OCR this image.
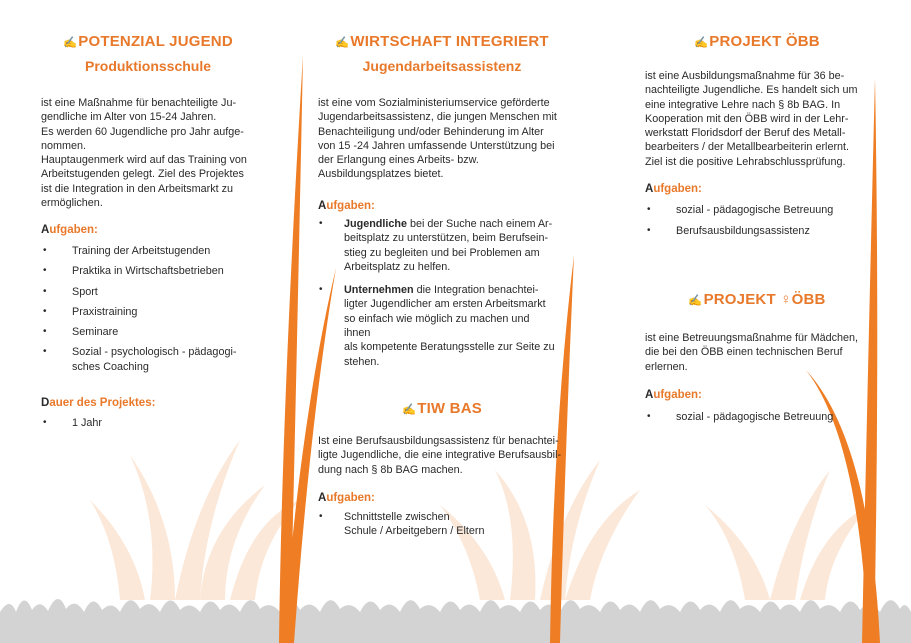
✍POTENZIAL JUGEND
Produktionsschule
ist eine Maßnahme für benachteiligte Ju-
gendliche im Alter von 15-24 Jahren.
Es werden 60 Jugendliche pro Jahr aufge-
nommen.
Hauptaugenmerk wird auf das Training von
Arbeitstugenden gelegt. Ziel des Projektes
ist die Integration in den Arbeitsmarkt zu
ermöglichen.

Aufgaben:

• Training der Arbeitstugenden
• Praktika in Wirtschaftsbetrieben
• Sport
• Praxistraining
• Seminare
• Sozial - psychologisch - pädagogi-
sches Coaching

Dauer des Projektes:

• 1 Jahr
✍WIRTSCHAFT INTEGRIERT
Jugendarbeitsassistenz
ist eine vom Sozialministeriumservice geförderte
Jugendarbeitsassistenz, die jungen Menschen mit
Benachteiligung und/oder Behinderung im Alter
von 15 -24 Jahren umfassende Unterstützung bei
der Erlangung eines Arbeits- bzw.
Ausbildungsplatzes bietet.

Aufgaben:

• Jugendliche bei der Suche nach einem Ar-
beitsplatz zu unterstützen, beim Berufsein-
stieg zu begleiten und bei Problemen am
Arbeitsplatz zu helfen.
• Unternehmen die Integration benachtei-
ligter Jugendlicher am ersten Arbeitsmarkt
so einfach wie möglich zu machen und ihnen
als kompetente Beratungsstelle zur Seite zu
stehen.
✍TIW BAS
Ist eine Berufsausbildungsassistenz für benachtei-
ligte Jugendliche, die eine integrative Berufsausbil-
dung nach § 8b BAG machen.

Aufgaben:

• Schnittstelle zwischen
Schule / Arbeitgebern / Eltern
✍PROJEKT ÖBB
ist eine Ausbildungsmaßnahme für 36 be-
nachteiligte Jugendliche. Es handelt sich um
eine integrative Lehre nach § 8b BAG. In
Kooperation mit den ÖBB wird in der Lehr-
werkstatt Floridsdorf der Beruf des Metall-
bearbeiters / der Metallbearbeiterin erlernt.
Ziel ist die positive Lehrabschlussprüfung.

Aufgaben:

• sozial - pädagogische Betreuung
• Berufsausbildungsassistenz
✍PROJEKT ♀ÖBB
ist eine Betreuungsmaßnahme für Mädchen,
die bei den ÖBB einen technischen Beruf
erlernen.

Aufgaben:

• sozial - pädagogische Betreuung
